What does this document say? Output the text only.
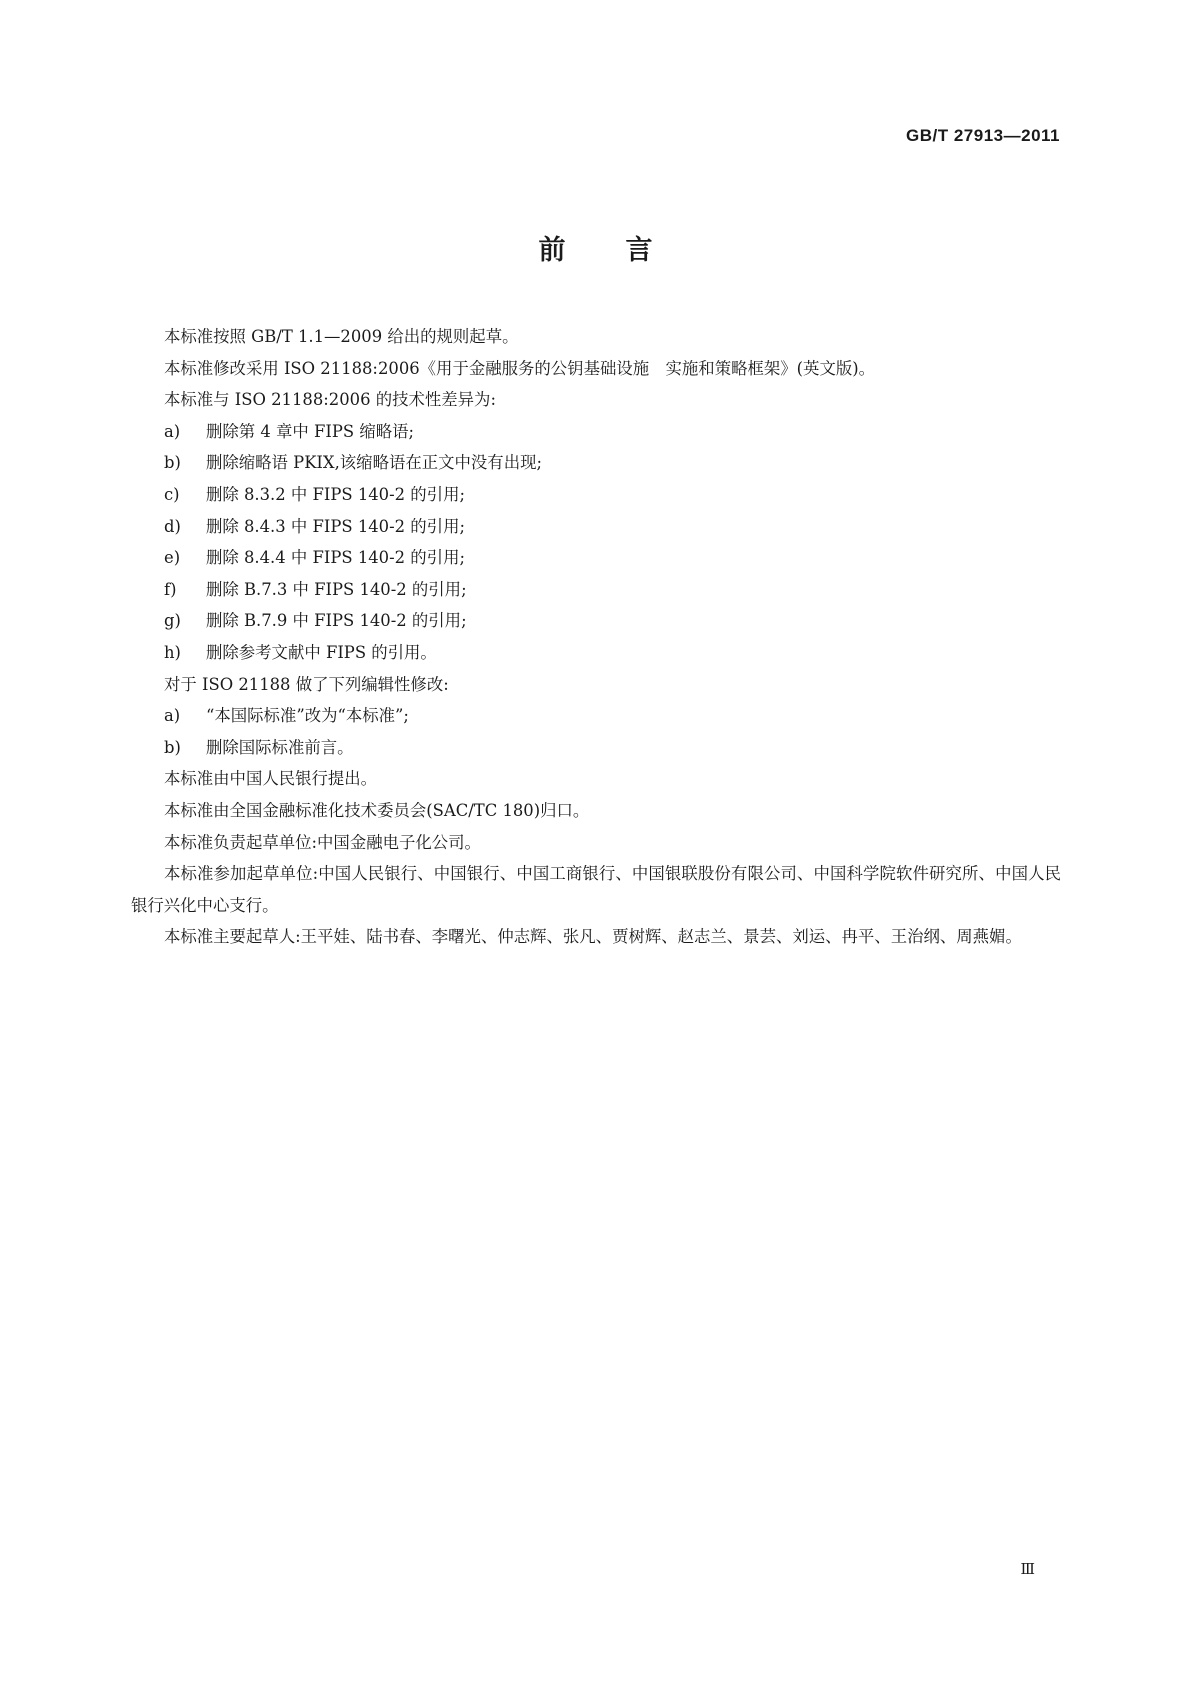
GB/T 27913—2011
前言

本标准按照 GB/T 1.1—2009 给出的规则起草。

本标准修改采用 ISO 21188:2006《用于金融服务的公钥基础设施　实施和策略框架》(英文版)。

本标准与 ISO 21188:2006 的技术性差异为:

a) 删除第 4 章中 FIPS 缩略语;

b) 删除缩略语 PKIX,该缩略语在正文中没有出现;

c) 删除 8.3.2 中 FIPS 140-2 的引用;

d) 删除 8.4.3 中 FIPS 140-2 的引用;

e) 删除 8.4.4 中 FIPS 140-2 的引用;

f) 删除 B.7.3 中 FIPS 140-2 的引用;

g) 删除 B.7.9 中 FIPS 140-2 的引用;

h) 删除参考文献中 FIPS 的引用。

对于 ISO 21188 做了下列编辑性修改:

a) “本国际标准”改为“本标准”;

b) 删除国际标准前言。

本标准由中国人民银行提出。

本标准由全国金融标准化技术委员会(SAC/TC 180)归口。

本标准负责起草单位:中国金融电子化公司。

本标准参加起草单位:中国人民银行、中国银行、中国工商银行、中国银联股份有限公司、中国科学院软件研究所、中国人民银行兴化中心支行。

本标准主要起草人:王平娃、陆书春、李曙光、仲志辉、张凡、贾树辉、赵志兰、景芸、刘运、冉平、王治纲、周燕媚。

Ⅲ
